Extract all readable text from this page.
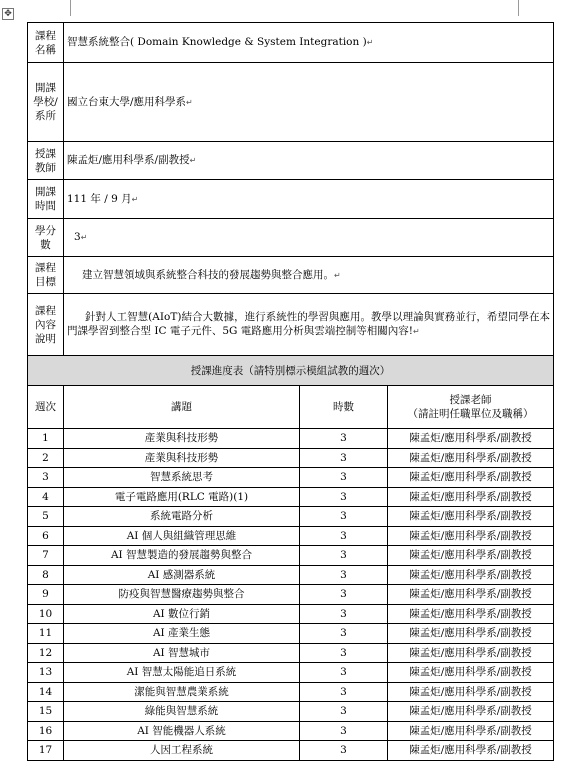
✥
課程名稱	智慧系統整合( Domain Knowledge & System Integration )↵		
開課學校/系所	國立台東大學/應用科學系↵		
授課教師	陳孟炬/應用科學系/副教授↵		
開課時間	111 年 / 9 月↵		
學分數	3↵		
課程目標	建立智慧領域與系統整合科技的發展趨勢與整合應用。↵		
課程內容說明	針對人工智慧(AIoT)結合大數據，進行系統性的學習與應用。教學以理論與實務並行，希望同學在本門課學習到整合型 IC 電子元件、5G 電路應用分析與雲端控制等相關內容!↵		
授課進度表（請特別標示模組試教的週次）			
週次	講題	時數	授課老師
（請註明任職單位及職稱）

1	產業與科技形勢	3	陳孟炬/應用科學系/副教授
2	產業與科技形勢	3	陳孟炬/應用科學系/副教授
3	智慧系統思考	3	陳孟炬/應用科學系/副教授
4	電子電路應用(RLC 電路)(1)	3	陳孟炬/應用科學系/副教授
5	系統電路分析	3	陳孟炬/應用科學系/副教授
6	AI 個人與組織管理思維	3	陳孟炬/應用科學系/副教授
7	AI 智慧製造的發展趨勢與整合	3	陳孟炬/應用科學系/副教授
8	AI 感測器系統	3	陳孟炬/應用科學系/副教授
9	防疫與智慧醫療趨勢與整合	3	陳孟炬/應用科學系/副教授
10	AI 數位行銷	3	陳孟炬/應用科學系/副教授
11	AI 產業生態	3	陳孟炬/應用科學系/副教授
12	AI 智慧城市	3	陳孟炬/應用科學系/副教授
13	AI 智慧太陽能追日系統	3	陳孟炬/應用科學系/副教授
14	潔能與智慧農業系統	3	陳孟炬/應用科學系/副教授
15	綠能與智慧系統	3	陳孟炬/應用科學系/副教授
16	AI 智能機器人系統	3	陳孟炬/應用科學系/副教授
17	人因工程系統	3	陳孟炬/應用科學系/副教授
